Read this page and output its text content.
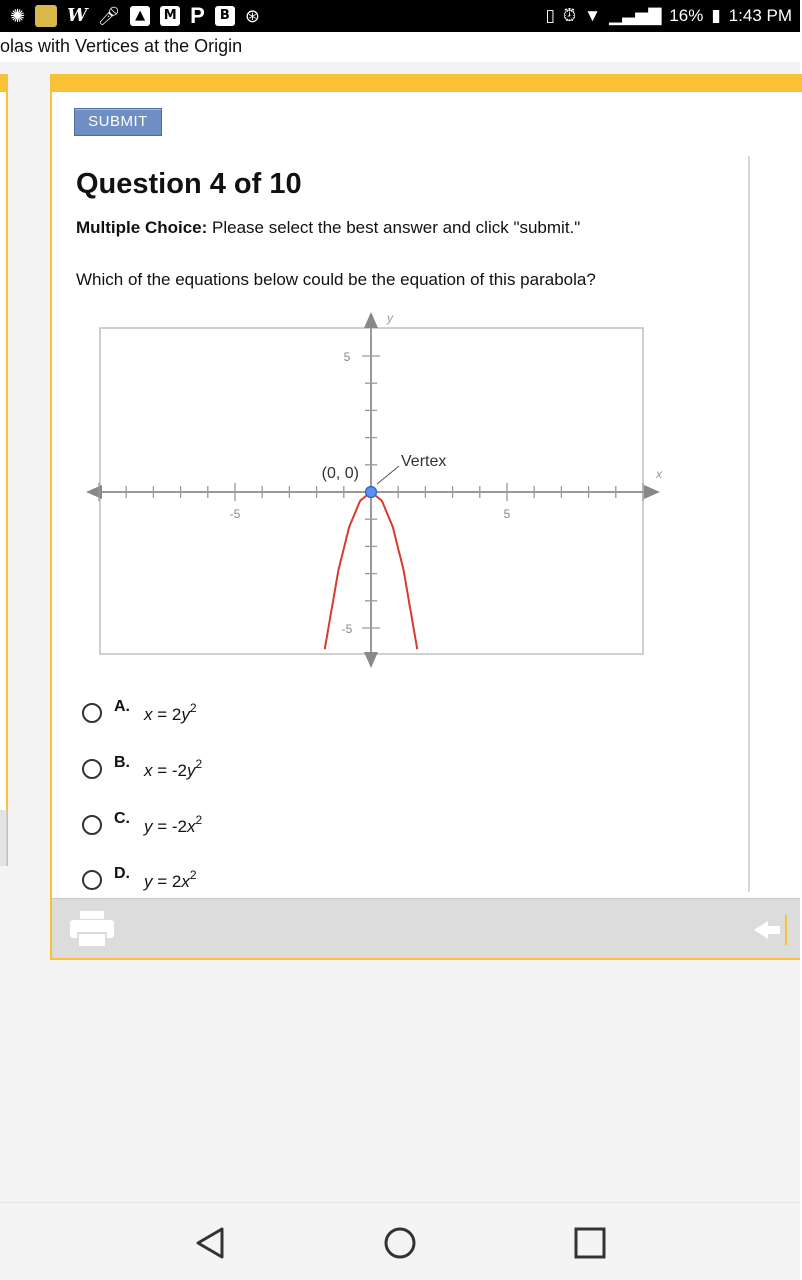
✺ W 🎤︎	▲	M P	B ⊛	▯ ⏰︎ ▼ ▁▃▅▇ 16% ▮ 1:43 PM
olas with Vertices at the Origin
SUBMIT
Question 4 of 10
Multiple Choice: Please select the best answer and click "submit."
Which of the equations below could be the equation of this parabola?
-5	5
5
-5
x
y
Vertex
(0, 0)
A. $x = 2y^2$
B. $x = -2y^2$
C. $y = -2x^2$
D. $y = 2x^2$
